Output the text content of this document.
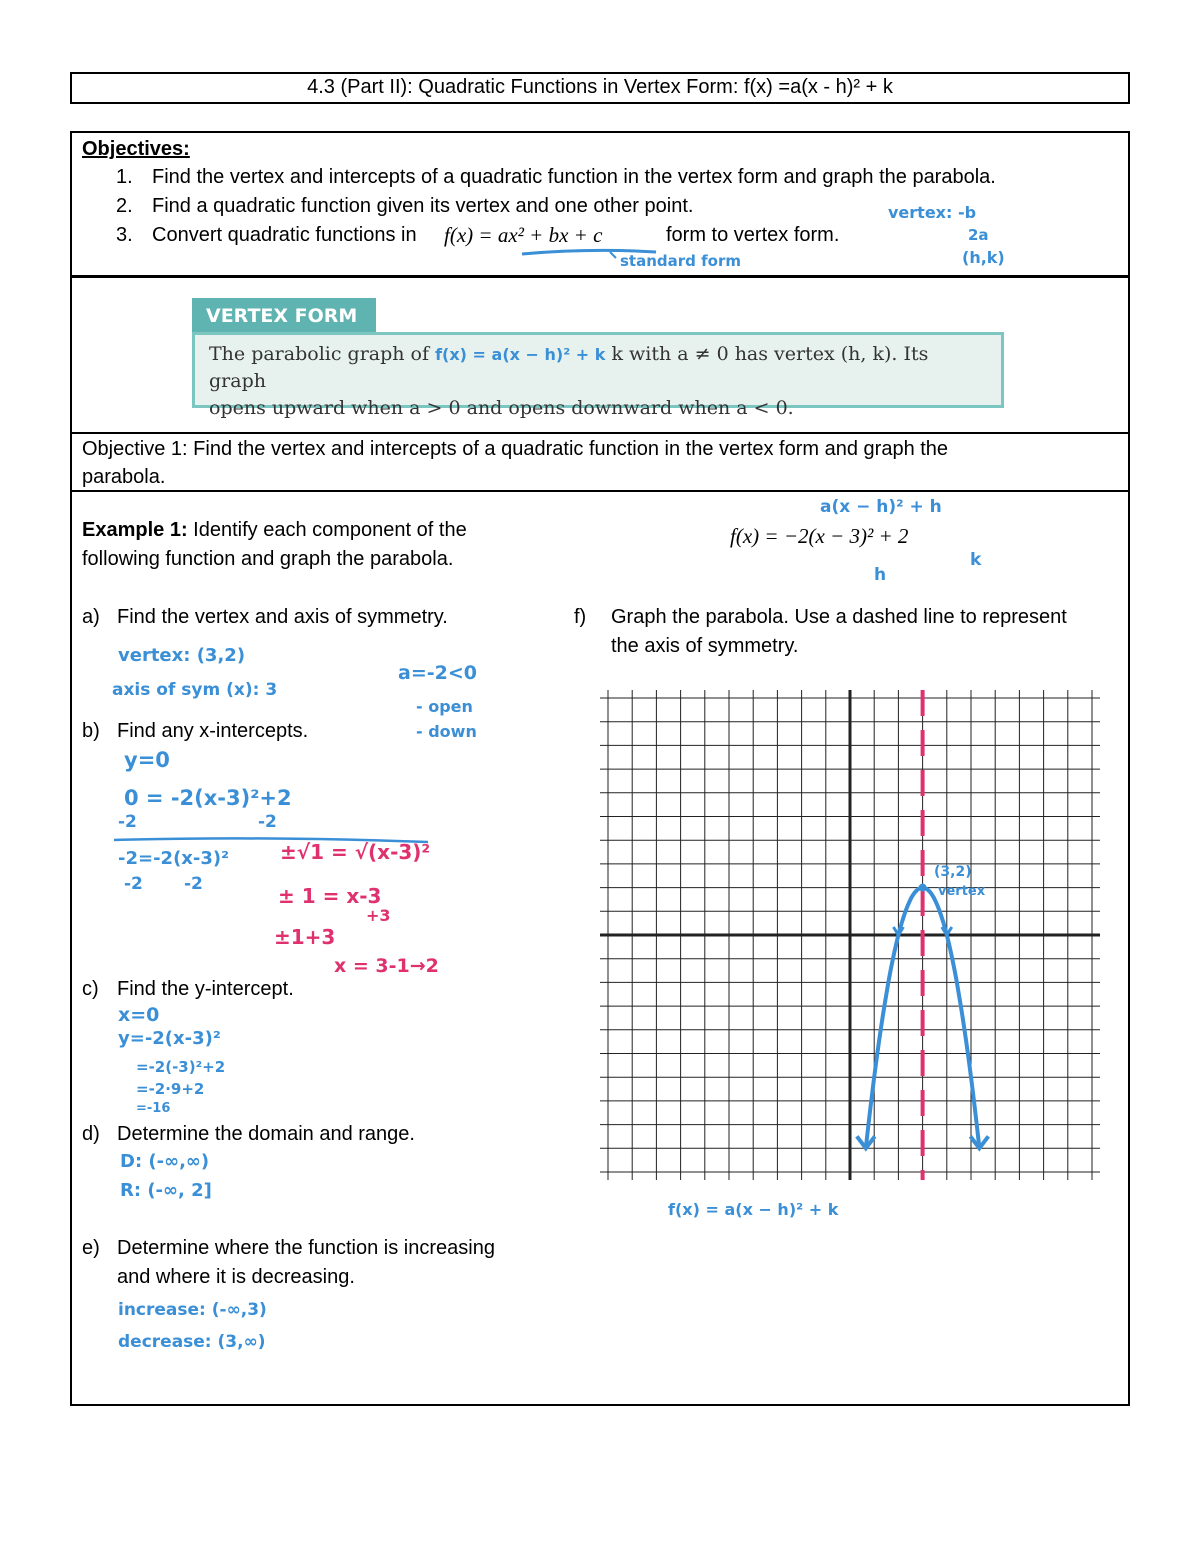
4.3 (Part II): Quadratic Functions in Vertex Form: f(x) =a(x - h)² + k
Objectives:
1. Find the vertex and intercepts of a quadratic function in the vertex form and graph the parabola.
2. Find a quadratic function given its vertex and one other point.
3. Convert quadratic functions in f(x) = ax² + bx + c	form to vertex form.
standard form
vertex: -b
2a
(h,k)
VERTEX FORM
The parabolic graph of f(x) = a(x − h)² + k k with a ≠ 0 has vertex (h, k). Its graph
opens upward when a > 0 and opens downward when a < 0.
Objective 1: Find the vertex and intercepts of a quadratic function in the vertex form and graph the
parabola.
Example 1: Identify each component of the
following function and graph the parabola.
f(x) = −2(x − 3)² + 2
a(x − h)² + h
h
k
a) Find the vertex and axis of symmetry.
vertex: (3,2)
axis of sym (x): 3
a=-2<0
- open
- down
b) Find any x-intercepts.
y=0
0 = -2(x-3)²+2
-2	-2
-2=-2(x-3)²
-2 -2
±√1 = √(x-3)²
± 1 = x-3
+3
±1+3
x = 3-1→2
c) Find the y-intercept.
x=0
y=-2(x-3)²
=-2(-3)²+2
=-2·9+2
=-16
d) Determine the domain and range.
D: (-∞,∞)
R: (-∞, 2]
e) Determine where the function is increasing
and where it is decreasing.
increase: (-∞,3)
decrease: (3,∞)
f) Graph the parabola. Use a dashed line to represent
the axis of symmetry.
(3,2)
vertex
f(x) = a(x − h)² + k
